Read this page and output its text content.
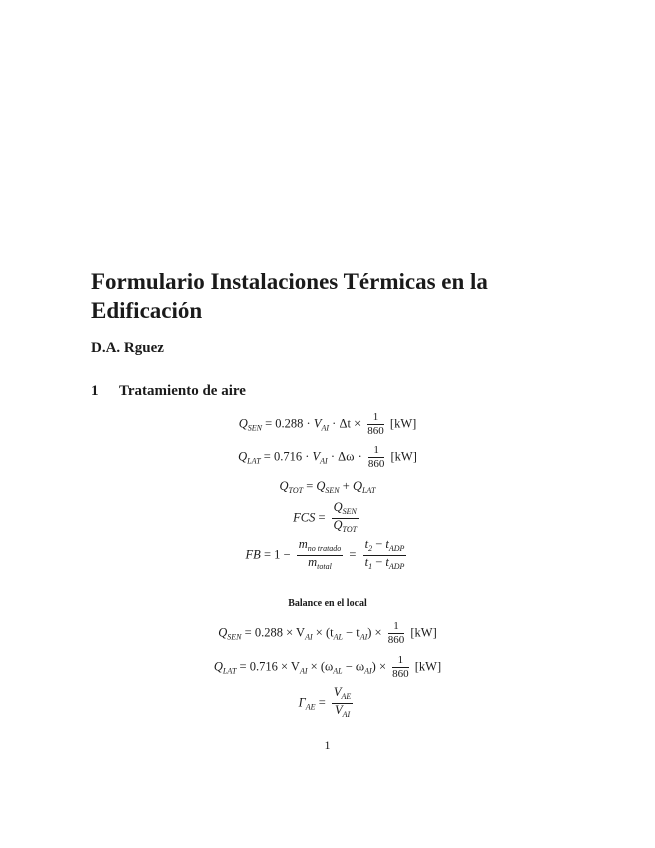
Formulario Instalaciones Térmicas en la Edificación
D.A. Rguez
1 Tratamiento de aire
$Q_{SEN} = 0.288 \cdot V_{AI} \cdot \Delta t \times \frac{1}{860} [kW]$
$Q_{LAT} = 0.716 \cdot V_{AI} \cdot \Delta\omega \cdot \frac{1}{860} [kW]$
$Q_{TOT} = Q_{SEN} + Q_{LAT}$
FCS = $\frac{Q_{SEN}}{Q_{TOT}}$
FB = $1 - \frac{m_{no tratado}}{m_{total}} = \frac{t_2 - t_{ADP}}{t_1 - t_{ADP}}$
Balance en el local
$Q_{SEN} = 0.288 \times V_{AI} \times (t_{AL} - t_{AI}) \times \frac{1}{860} [kW]$
$Q_{LAT} = 0.716 \times V_{AI} \times (\omega_{AL} - \omega_{AI}) \times \frac{1}{860} [kW]$
$\Gamma_{AE} = \frac{V_{AE}}{V_{AI}}$
1
